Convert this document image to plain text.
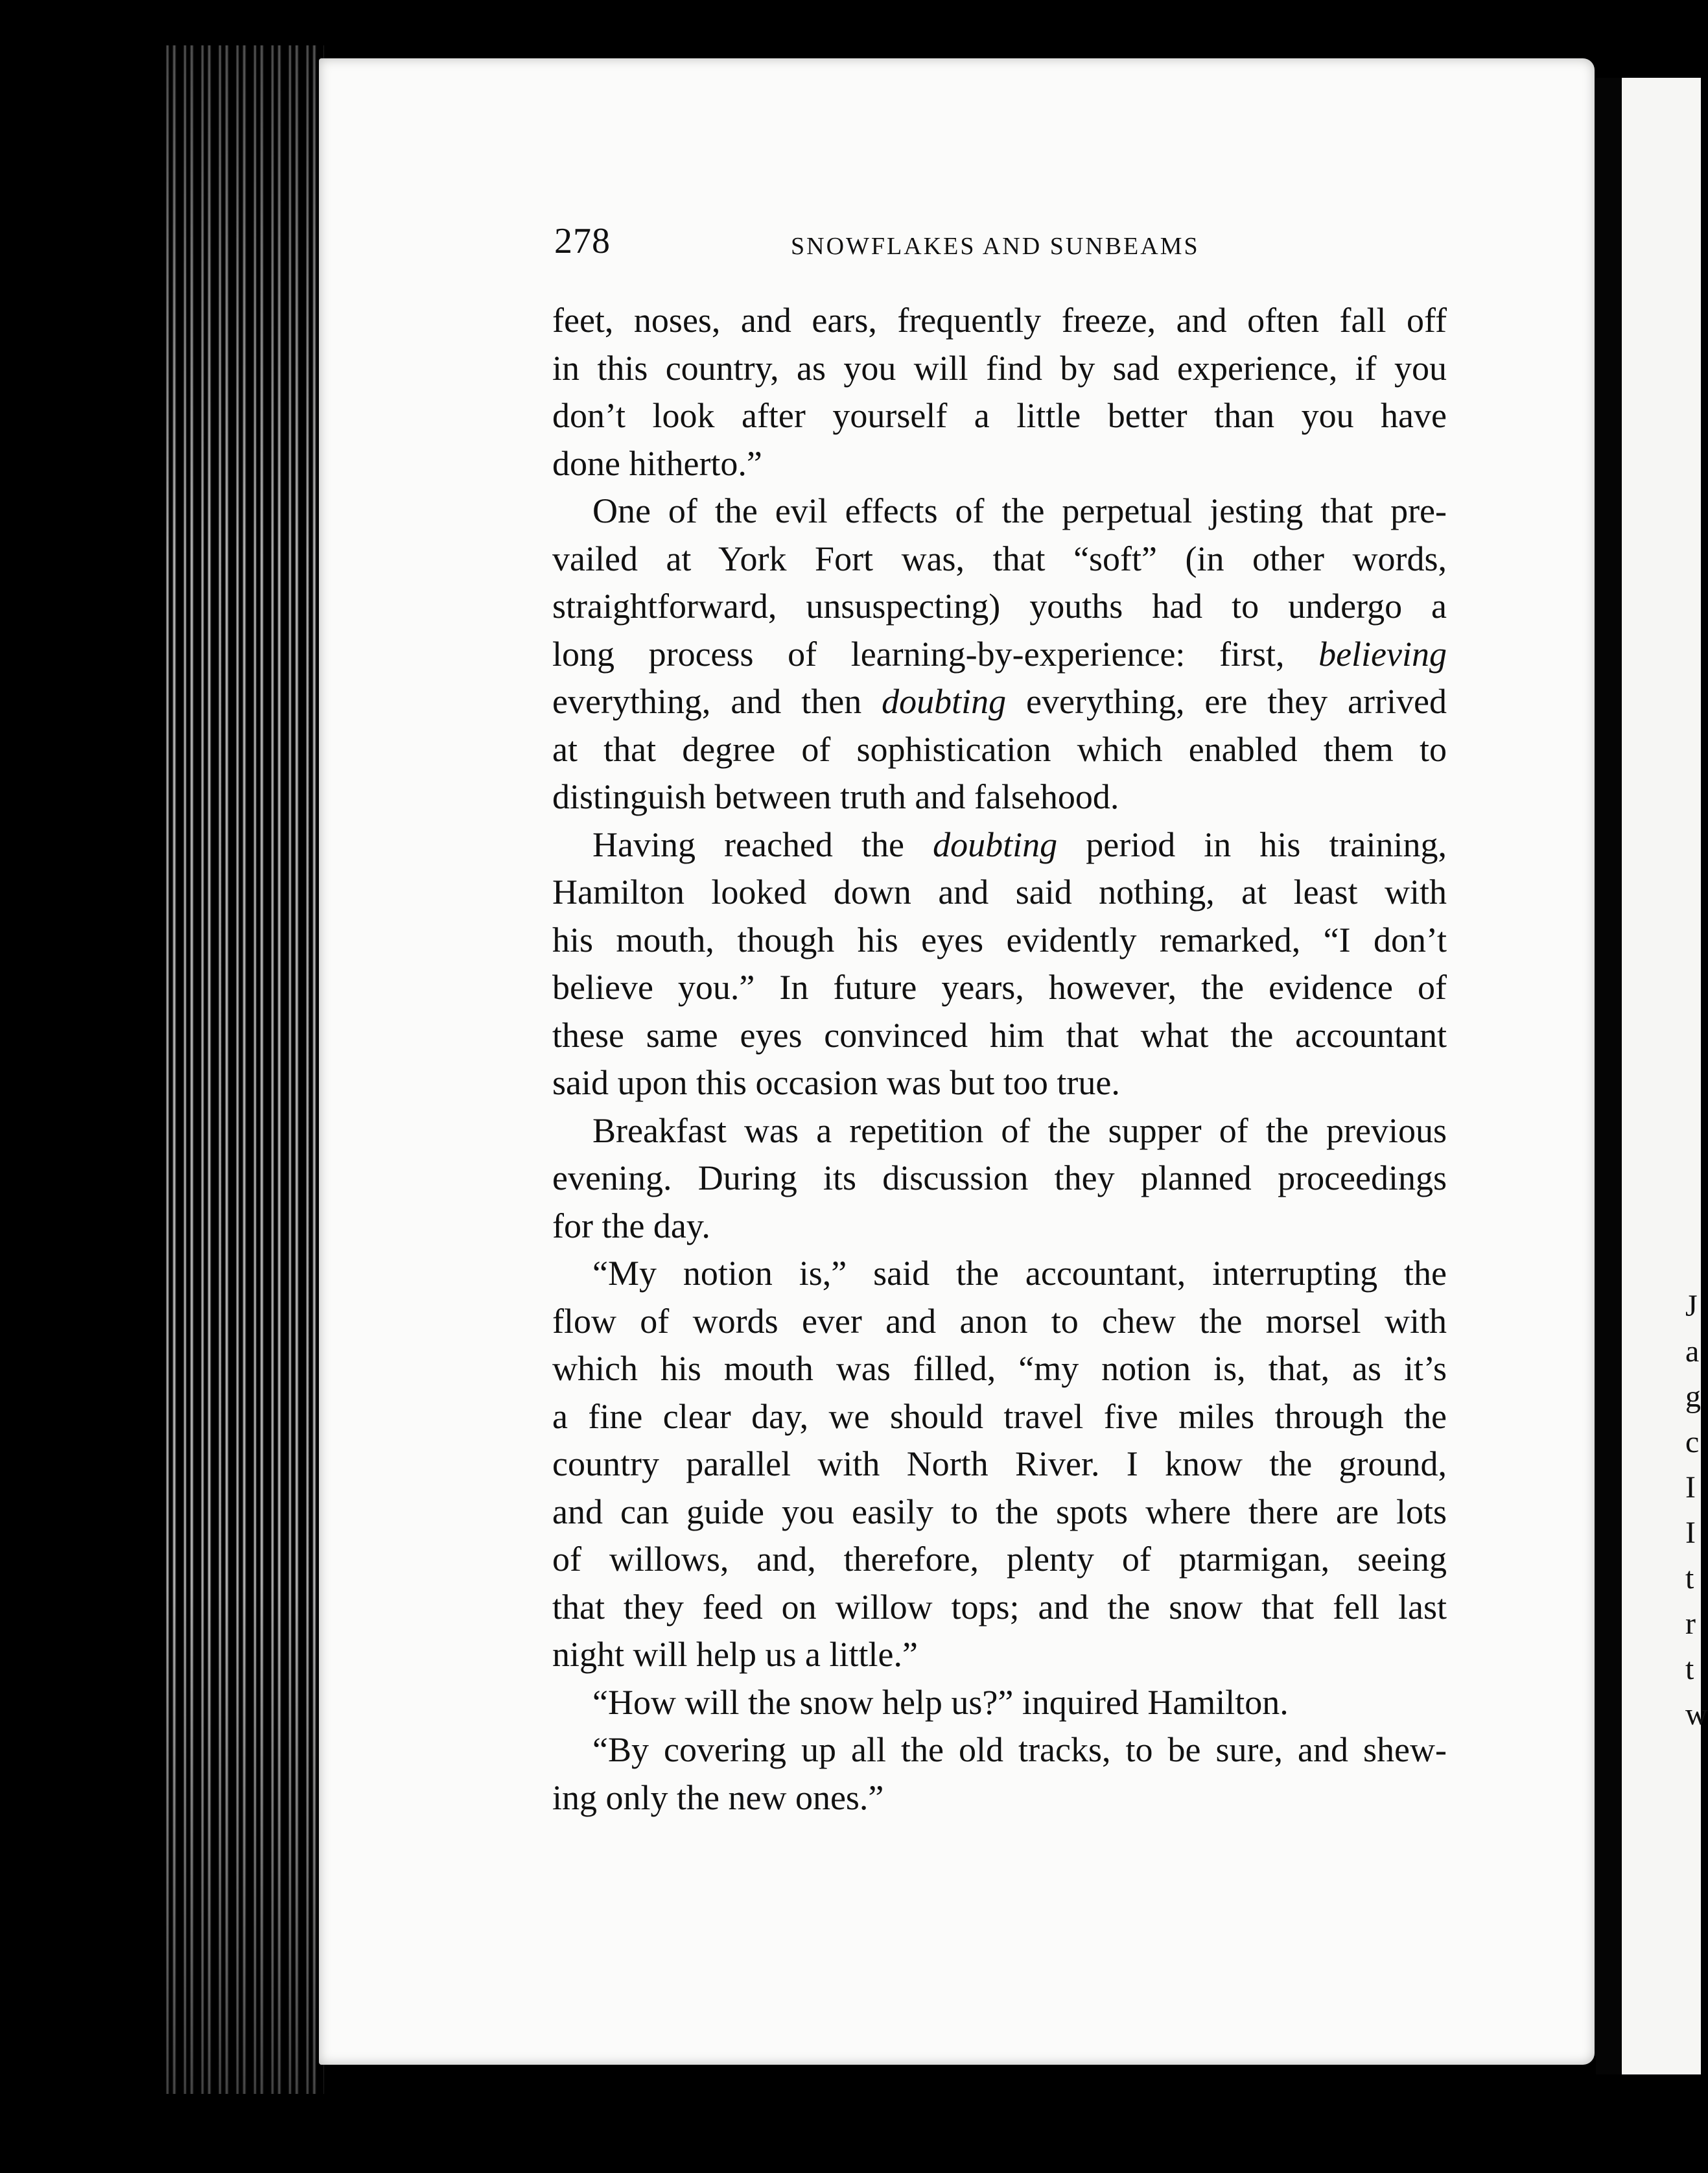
J
a
g
c
I
I
t
r
t
w
278	SNOWFLAKES AND SUNBEAMS
feet, noses, and ears, frequently freeze, and often fall off
in this country, as you will find by sad experience, if you
don’t look after yourself a little better than you have
done hitherto.”
One of the evil effects of the perpetual jesting that pre-
vailed at York Fort was, that “soft” (in other words,
straightforward, unsuspecting) youths had to undergo a
long process of learning-by-experience: first, believing
everything, and then doubting everything, ere they arrived
at that degree of sophistication which enabled them to
distinguish between truth and falsehood.
Having reached the doubting period in his training,
Hamilton looked down and said nothing, at least with
his mouth, though his eyes evidently remarked, “I don’t
believe you.” In future years, however, the evidence of
these same eyes convinced him that what the accountant
said upon this occasion was but too true.
Breakfast was a repetition of the supper of the previous
evening. During its discussion they planned proceedings
for the day.
“My notion is,” said the accountant, interrupting the
flow of words ever and anon to chew the morsel with
which his mouth was filled, “my notion is, that, as it’s
a fine clear day, we should travel five miles through the
country parallel with North River. I know the ground,
and can guide you easily to the spots where there are lots
of willows, and, therefore, plenty of ptarmigan, seeing
that they feed on willow tops; and the snow that fell last
night will help us a little.”
“How will the snow help us?” inquired Hamilton.
“By covering up all the old tracks, to be sure, and shew-
ing only the new ones.”
